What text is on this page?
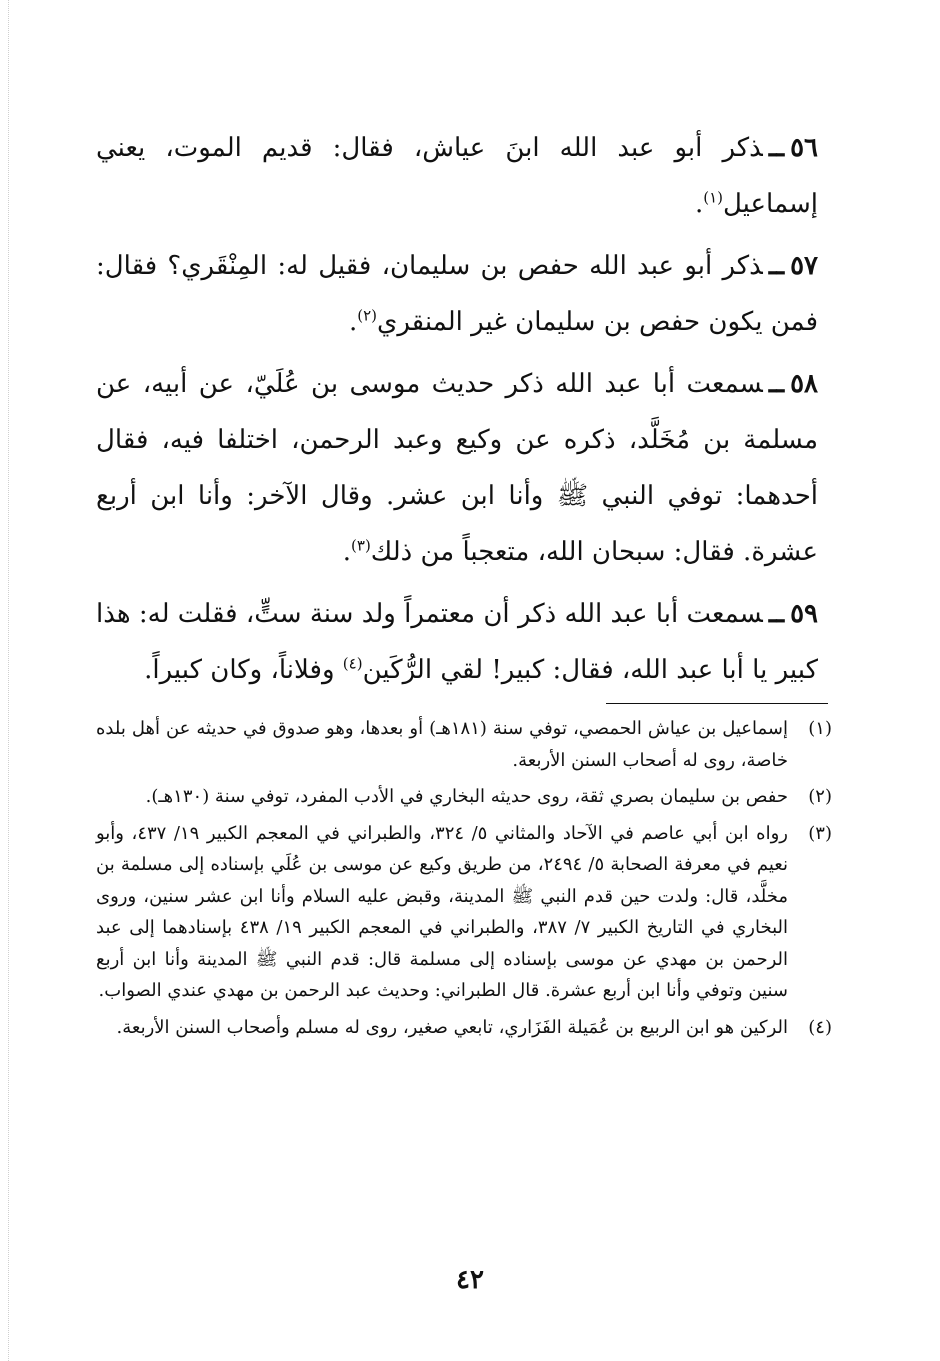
٥٦ــذكر أبو عبد الله ابنَ عياش، فقال: قديم الموت، يعني إسماعيل$^{(١)}$.

٥٧ــذكر أبو عبد الله حفص بن سليمان، فقيل له: المِنْقَري؟ فقال: فمن يكون حفص بن سليمان غير المنقري$^{(٢)}$.

٥٨ــسمعت أبا عبد الله ذكر حديث موسى بن عُلَيّ، عن أبيه، عن مسلمة بن مُخَلَّد، ذكره عن وكيع وعبد الرحمن، اختلفا فيه، فقال أحدهما: توفي النبي ﷺ وأنا ابن عشر. وقال الآخر: وأنا ابن أربع عشرة. فقال: سبحان الله، متعجباً من ذلك$^{(٣)}$.

٥٩ــسمعت أبا عبد الله ذكر أن معتمراً ولد سنة ستٍّ، فقلت له: هذا كبير يا أبا عبد الله، فقال: كبير! لقي الرُّكَين$^{(٤)}$ وفلاناً، وكان كبيراً.

(١)
إسماعيل بن عياش الحمصي، توفي سنة (١٨١هـ) أو بعدها، وهو صدوق في حديثه عن أهل بلده خاصة، روى له أصحاب السنن الأربعة.
(٢)
حفص بن سليمان بصري ثقة، روى حديثه البخاري في الأدب المفرد، توفي سنة (١٣٠هـ).
(٣)
رواه ابن أبي عاصم في الآحاد والمثاني ٥/ ٣٢٤، والطبراني في المعجم الكبير ١٩/ ٤٣٧، وأبو نعيم في معرفة الصحابة ٥/ ٢٤٩٤، من طريق وكيع عن موسى بن عُلَي بإسناده إلى مسلمة بن مخلَّد، قال: ولدت حين قدم النبي ﷺ المدينة، وقبض عليه السلام وأنا ابن عشر سنين، وروى البخاري في التاريخ الكبير ٧/ ٣٨٧، والطبراني في المعجم الكبير ١٩/ ٤٣٨ بإسنادهما إلى عبد الرحمن بن مهدي عن موسى بإسناده إلى مسلمة قال: قدم النبي ﷺ المدينة وأنا ابن أربع سنين وتوفي وأنا ابن أربع عشرة. قال الطبراني: وحديث عبد الرحمن بن مهدي عندي الصواب.
(٤)
الركين هو ابن الربيع بن عُمَيلة الفَزَاري، تابعي صغير، روى له مسلم وأصحاب السنن الأربعة.
٤٢
